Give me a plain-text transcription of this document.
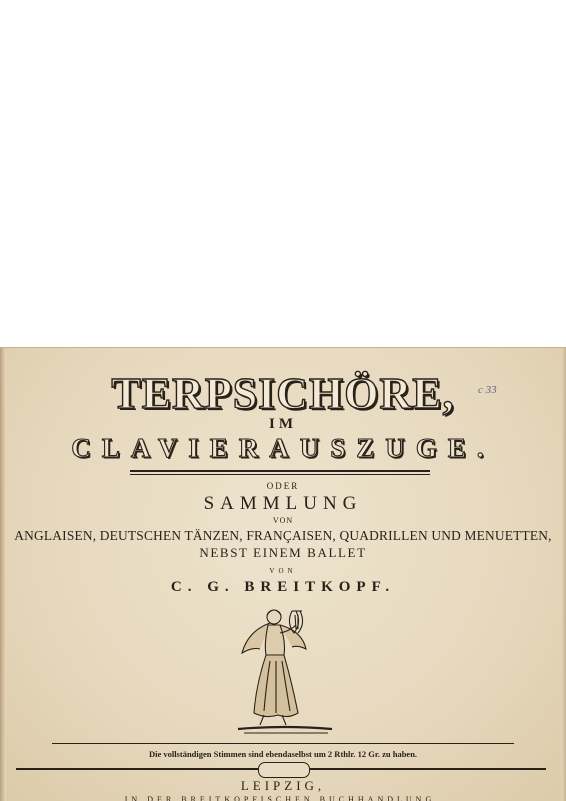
TERPSICHÖRE,	c 33
IM
CLAVIERAUSZUGE.
ODER
SAMMLUNG
VON
ANGLAISEN, DEUTSCHEN TÄNZEN, FRANÇAISEN, QUADRILLEN UND MENUETTEN,
NEBST EINEM BALLET
VON
C. G. BREITKOPF.
Die vollständigen Stimmen sind ebendaselbst um 2 Rthlr. 12 Gr. zu haben.
LEIPZIG,
IN DER BREITKOPFISCHEN BUCHHANDLUNG.
